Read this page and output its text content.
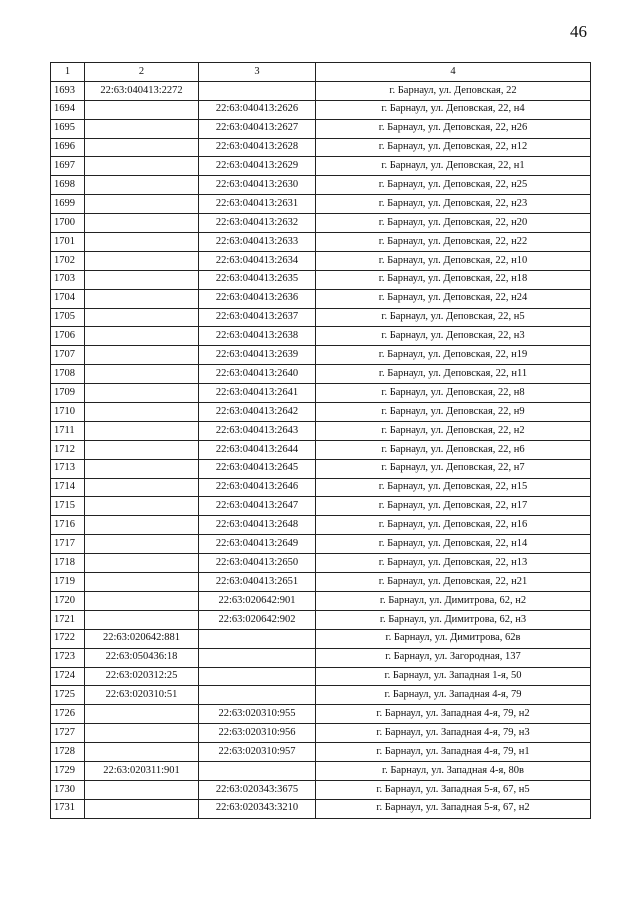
46
1	2	3	4
1693	22:63:040413:2272		г. Барнаул, ул. Деповская, 22
1694		22:63:040413:2626	г. Барнаул, ул. Деповская, 22, н4
1695		22:63:040413:2627	г. Барнаул, ул. Деповская, 22, н26
1696		22:63:040413:2628	г. Барнаул, ул. Деповская, 22, н12
1697		22:63:040413:2629	г. Барнаул, ул. Деповская, 22, н1
1698		22:63:040413:2630	г. Барнаул, ул. Деповская, 22, н25
1699		22:63:040413:2631	г. Барнаул, ул. Деповская, 22, н23
1700		22:63:040413:2632	г. Барнаул, ул. Деповская, 22, н20
1701		22:63:040413:2633	г. Барнаул, ул. Деповская, 22, н22
1702		22:63:040413:2634	г. Барнаул, ул. Деповская, 22, н10
1703		22:63:040413:2635	г. Барнаул, ул. Деповская, 22, н18
1704		22:63:040413:2636	г. Барнаул, ул. Деповская, 22, н24
1705		22:63:040413:2637	г. Барнаул, ул. Деповская, 22, н5
1706		22:63:040413:2638	г. Барнаул, ул. Деповская, 22, н3
1707		22:63:040413:2639	г. Барнаул, ул. Деповская, 22, н19
1708		22:63:040413:2640	г. Барнаул, ул. Деповская, 22, н11
1709		22:63:040413:2641	г. Барнаул, ул. Деповская, 22, н8
1710		22:63:040413:2642	г. Барнаул, ул. Деповская, 22, н9
1711		22:63:040413:2643	г. Барнаул, ул. Деповская, 22, н2
1712		22:63:040413:2644	г. Барнаул, ул. Деповская, 22, н6
1713		22:63:040413:2645	г. Барнаул, ул. Деповская, 22, н7
1714		22:63:040413:2646	г. Барнаул, ул. Деповская, 22, н15
1715		22:63:040413:2647	г. Барнаул, ул. Деповская, 22, н17
1716		22:63:040413:2648	г. Барнаул, ул. Деповская, 22, н16
1717		22:63:040413:2649	г. Барнаул, ул. Деповская, 22, н14
1718		22:63:040413:2650	г. Барнаул, ул. Деповская, 22, н13
1719		22:63:040413:2651	г. Барнаул, ул. Деповская, 22, н21
1720		22:63:020642:901	г. Барнаул, ул. Димитрова, 62, н2
1721		22:63:020642:902	г. Барнаул, ул. Димитрова, 62, н3
1722	22:63:020642:881		г. Барнаул, ул. Димитрова, 62в
1723	22:63:050436:18		г. Барнаул, ул. Загородная, 137
1724	22:63:020312:25		г. Барнаул, ул. Западная 1-я, 50
1725	22:63:020310:51		г. Барнаул, ул. Западная 4-я, 79
1726		22:63:020310:955	г. Барнаул, ул. Западная 4-я, 79, н2
1727		22:63:020310:956	г. Барнаул, ул. Западная 4-я, 79, н3
1728		22:63:020310:957	г. Барнаул, ул. Западная 4-я, 79, н1
1729	22:63:020311:901		г. Барнаул, ул. Западная 4-я, 80в
1730		22:63:020343:3675	г. Барнаул, ул. Западная 5-я, 67, н5
1731		22:63:020343:3210	г. Барнаул, ул. Западная 5-я, 67, н2
